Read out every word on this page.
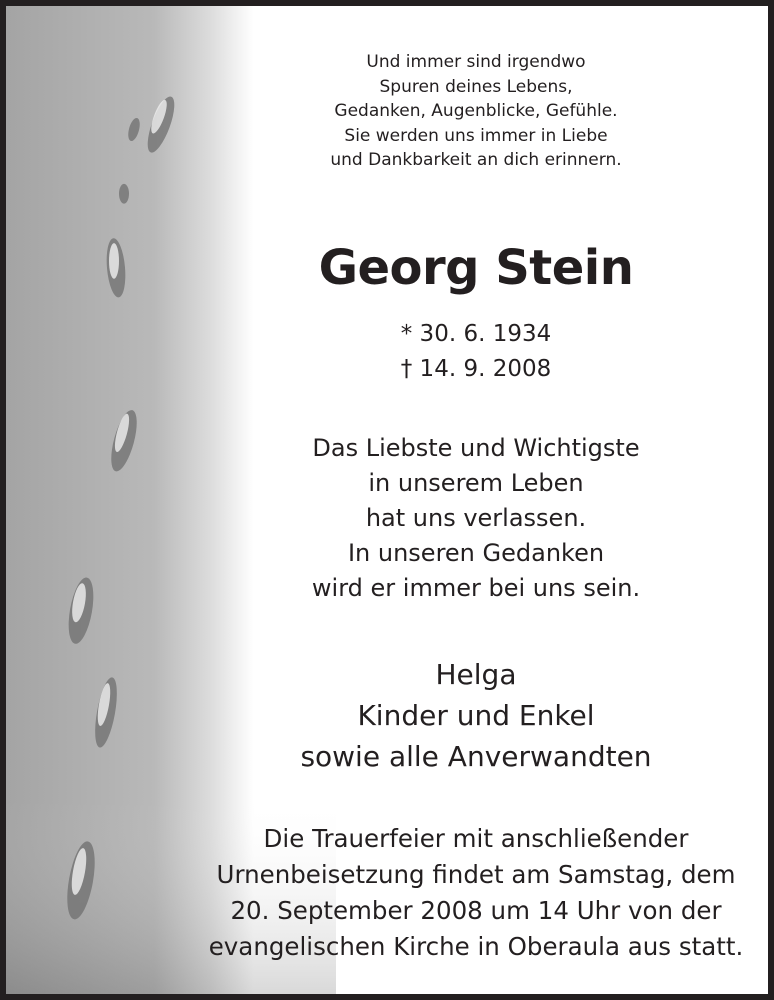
Und immer sind irgendwo
Spuren deines Lebens,
Gedanken, Augenblicke, Gefühle.
Sie werden uns immer in Liebe
und Dankbarkeit an dich erinnern.
Georg Stein
* 30. 6. 1934
† 14. 9. 2008
Das Liebste und Wichtigste
in unserem Leben
hat uns verlassen.
In unseren Gedanken
wird er immer bei uns sein.
Helga
Kinder und Enkel
sowie alle Anverwandten
Die Trauerfeier mit anschließender
Urnenbeisetzung findet am Samstag, dem
20. September 2008 um 14 Uhr von der
evangelischen Kirche in Oberaula aus statt.
